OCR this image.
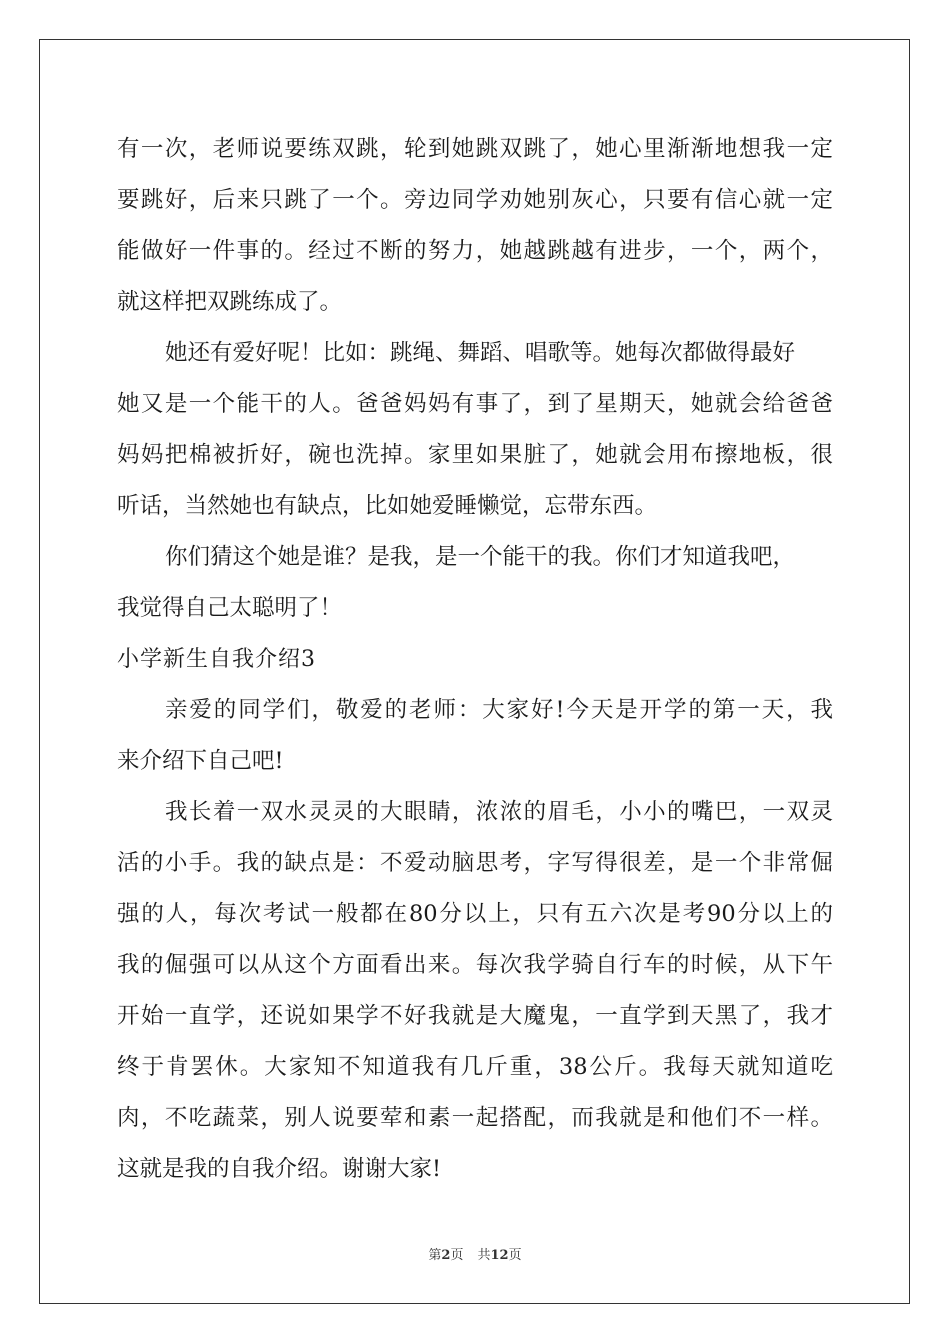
有一次，老师说要练双跳，轮到她跳双跳了，她心里渐渐地想我一定
要跳好，后来只跳了一个。旁边同学劝她别灰心，只要有信心就一定
能做好一件事的。经过不断的努力，她越跳越有进步，一个，两个，
就这样把双跳练成了。
她还有爱好呢！比如：跳绳、舞蹈、唱歌等。她每次都做得最好
她又是一个能干的人。爸爸妈妈有事了，到了星期天，她就会给爸爸
妈妈把棉被折好，碗也洗掉。家里如果脏了，她就会用布擦地板，很
听话，当然她也有缺点，比如她爱睡懒觉，忘带东西。
你们猜这个她是谁？是我，是一个能干的我。你们才知道我吧，
我觉得自己太聪明了！
小学新生自我介绍3
亲爱的同学们，敬爱的老师：大家好!今天是开学的第一天，我
来介绍下自己吧!
我长着一双水灵灵的大眼睛，浓浓的眉毛，小小的嘴巴，一双灵
活的小手。我的缺点是：不爱动脑思考，字写得很差，是一个非常倔
强的人，每次考试一般都在80分以上，只有五六次是考90分以上的
我的倔强可以从这个方面看出来。每次我学骑自行车的时候，从下午
开始一直学，还说如果学不好我就是大魔鬼，一直学到天黑了，我才
终于肯罢休。大家知不知道我有几斤重，38公斤。我每天就知道吃
肉，不吃蔬菜，别人说要荤和素一起搭配，而我就是和他们不一样。
这就是我的自我介绍。谢谢大家!
第2页 共12页
